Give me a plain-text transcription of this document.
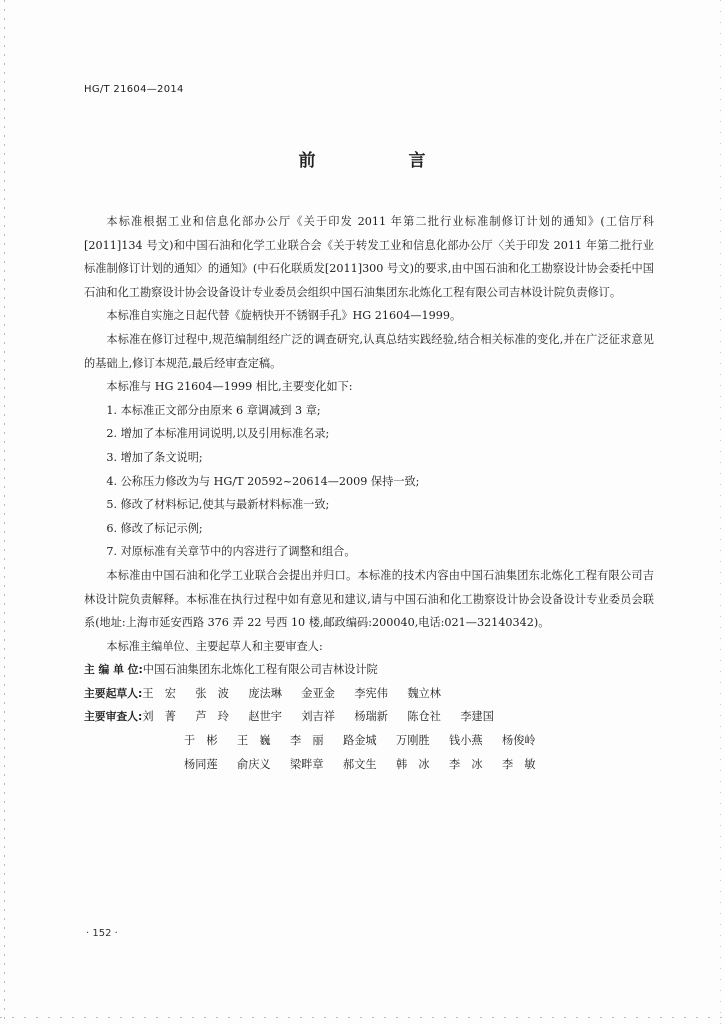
HG/T 21604—2014
前　言

本标准根据工业和信息化部办公厅《关于印发 2011 年第二批行业标准制修订计划的通知》(工信厅科[2011]134 号文)和中国石油和化学工业联合会《关于转发工业和信息化部办公厅〈关于印发 2011 年第二批行业标准制修订计划的通知〉的通知》(中石化联质发[2011]300 号文)的要求,由中国石油和化工勘察设计协会委托中国石油和化工勘察设计协会设备设计专业委员会组织中国石油集团东北炼化工程有限公司吉林设计院负责修订。

本标准自实施之日起代替《旋柄快开不锈钢手孔》HG 21604—1999。

本标准在修订过程中,规范编制组经广泛的调查研究,认真总结实践经验,结合相关标准的变化,并在广泛征求意见的基础上,修订本规范,最后经审查定稿。

本标准与 HG 21604—1999 相比,主要变化如下:

1. 本标准正文部分由原来 6 章调减到 3 章;

2. 增加了本标准用词说明,以及引用标准名录;

3. 增加了条文说明;

4. 公称压力修改为与 HG/T 20592~20614—2009 保持一致;

5. 修改了材料标记,使其与最新材料标准一致;

6. 修改了标记示例;

7. 对原标准有关章节中的内容进行了调整和组合。

本标准由中国石油和化学工业联合会提出并归口。本标准的技术内容由中国石油集团东北炼化工程有限公司吉林设计院负责解释。本标准在执行过程中如有意见和建议,请与中国石油和化工勘察设计协会设备设计专业委员会联系(地址:上海市延安西路 376 弄 22 号西 10 楼,邮政编码:200040,电话:021—32140342)。

本标准主编单位、主要起草人和主要审查人:

主 编 单 位:中国石油集团东北炼化工程有限公司吉林设计院

主要起草人:王　宏 张　波 庞法琳 金亚金 李宪伟 魏立林

主要审查人:刘　菁 芦　玲 赵世宇 刘吉祥 杨瑞新 陈仓社 李建国

于　彬 王　巍 李　丽 路金城 万刚胜 钱小燕 杨俊岭

杨同莲 俞庆义 梁畔章 郝文生 韩　冰 李　冰 李　敏

· 152 ·
